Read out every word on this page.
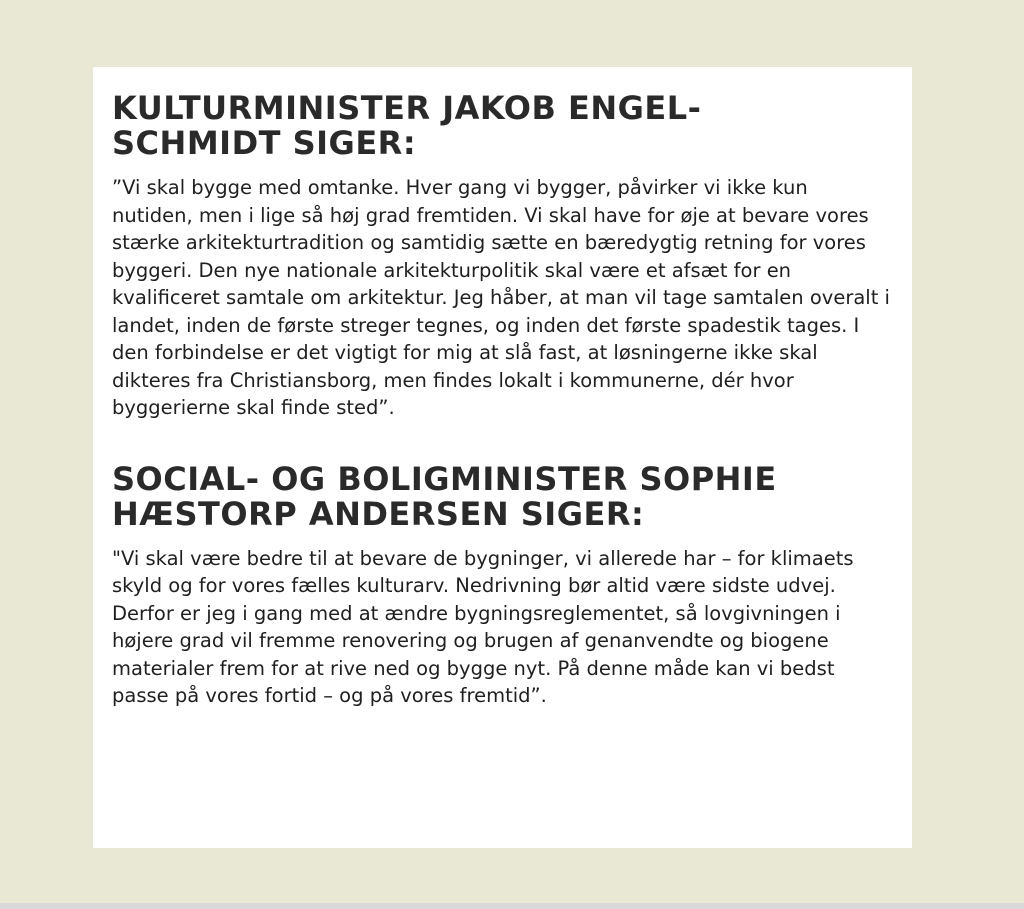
KULTURMINISTER JAKOB ENGEL-
SCHMIDT SIGER:

”Vi skal bygge med omtanke. Hver gang vi bygger, påvirker vi ikke kun nutiden, men i lige så høj grad fremtiden. Vi skal have for øje at bevare vores stærke arkitekturtradition og samtidig sætte en bæredygtig retning for vores byggeri. Den nye nationale arkitekturpolitik skal være et afsæt for en kvalificeret samtale om arkitektur. Jeg håber, at man vil tage samtalen overalt i landet, inden de første streger tegnes, og inden det første spadestik tages. I den forbindelse er det vigtigt for mig at slå fast, at løsningerne ikke skal dikteres fra Christiansborg, men findes lokalt i kommunerne, dér hvor byggerierne skal finde sted”.

SOCIAL- OG BOLIGMINISTER SOPHIE
HÆSTORP ANDERSEN SIGER:

"Vi skal være bedre til at bevare de bygninger, vi allerede har – for klimaets skyld og for vores fælles kulturarv. Nedrivning bør altid være sidste udvej. Derfor er jeg i gang med at ændre bygningsreglementet, så lovgivningen i højere grad vil fremme renovering og brugen af genanvendte og biogene materialer frem for at rive ned og bygge nyt. På denne måde kan vi bedst passe på vores fortid – og på vores fremtid”.
